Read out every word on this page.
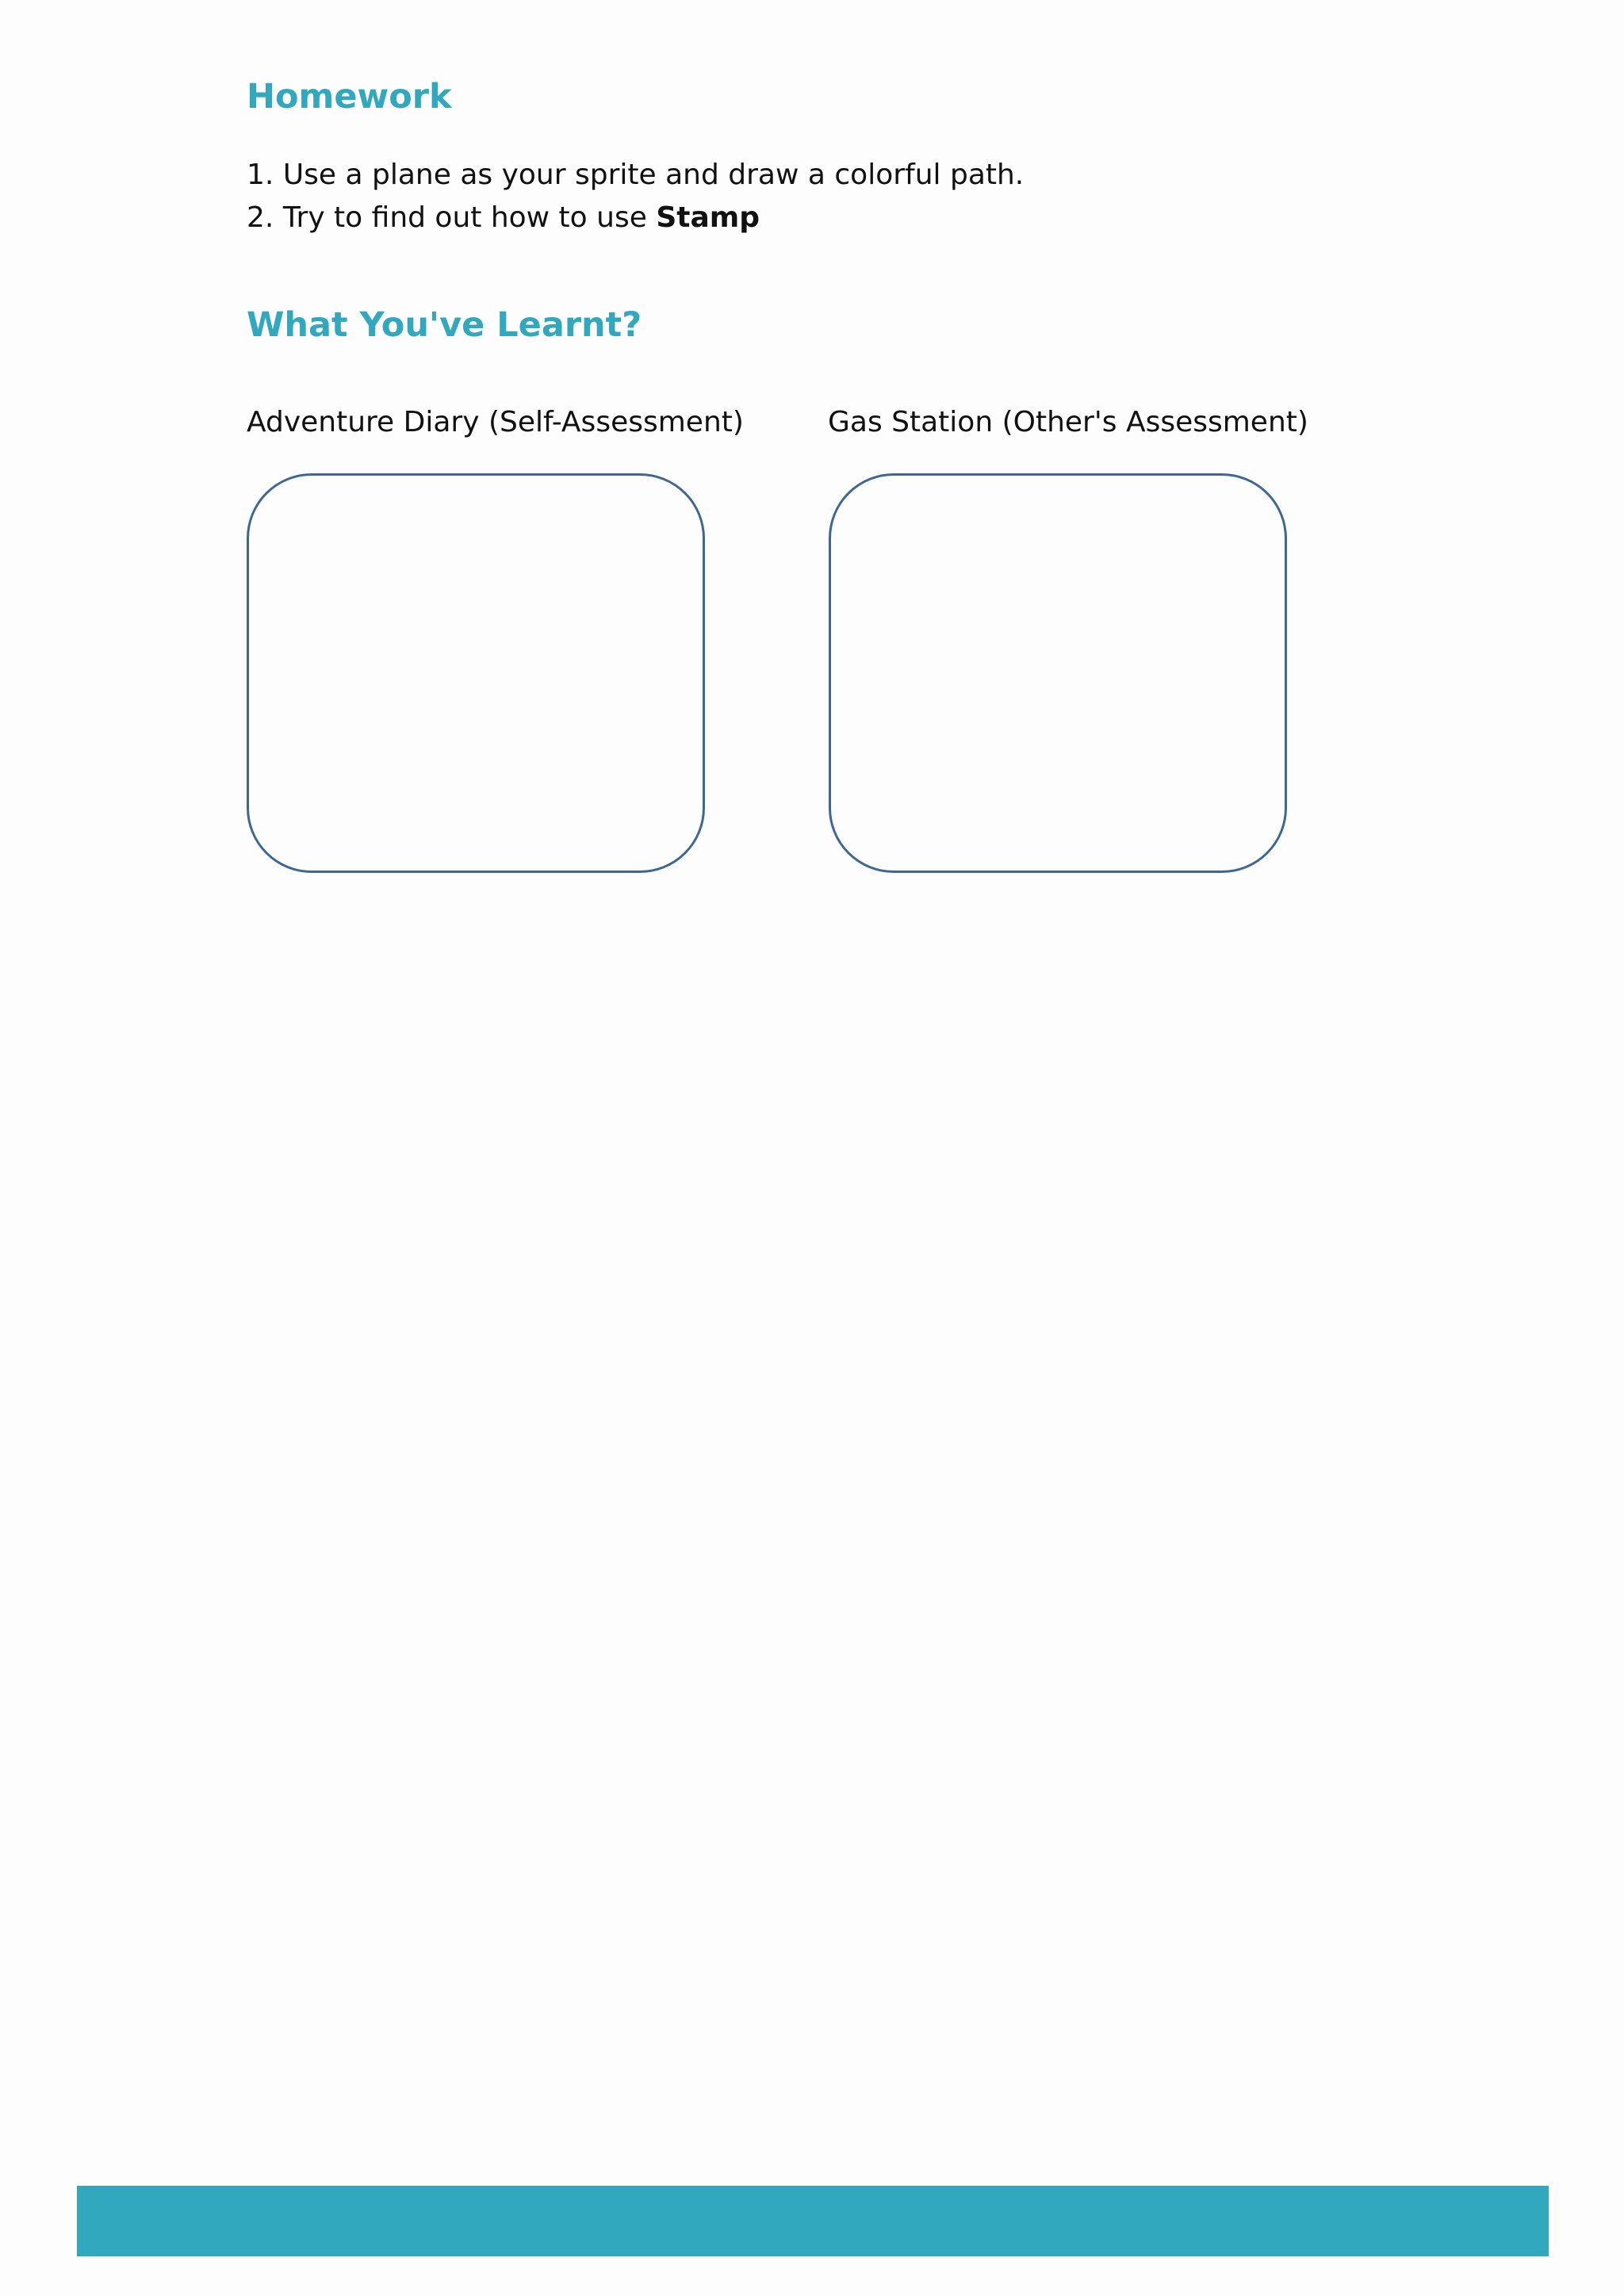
Homework

1. Use a plane as your sprite and draw a colorful path.

2. Try to find out how to use Stamp

What You've Learnt?
Adventure Diary (Self-Assessment)	Gas Station (Other's Assessment)
